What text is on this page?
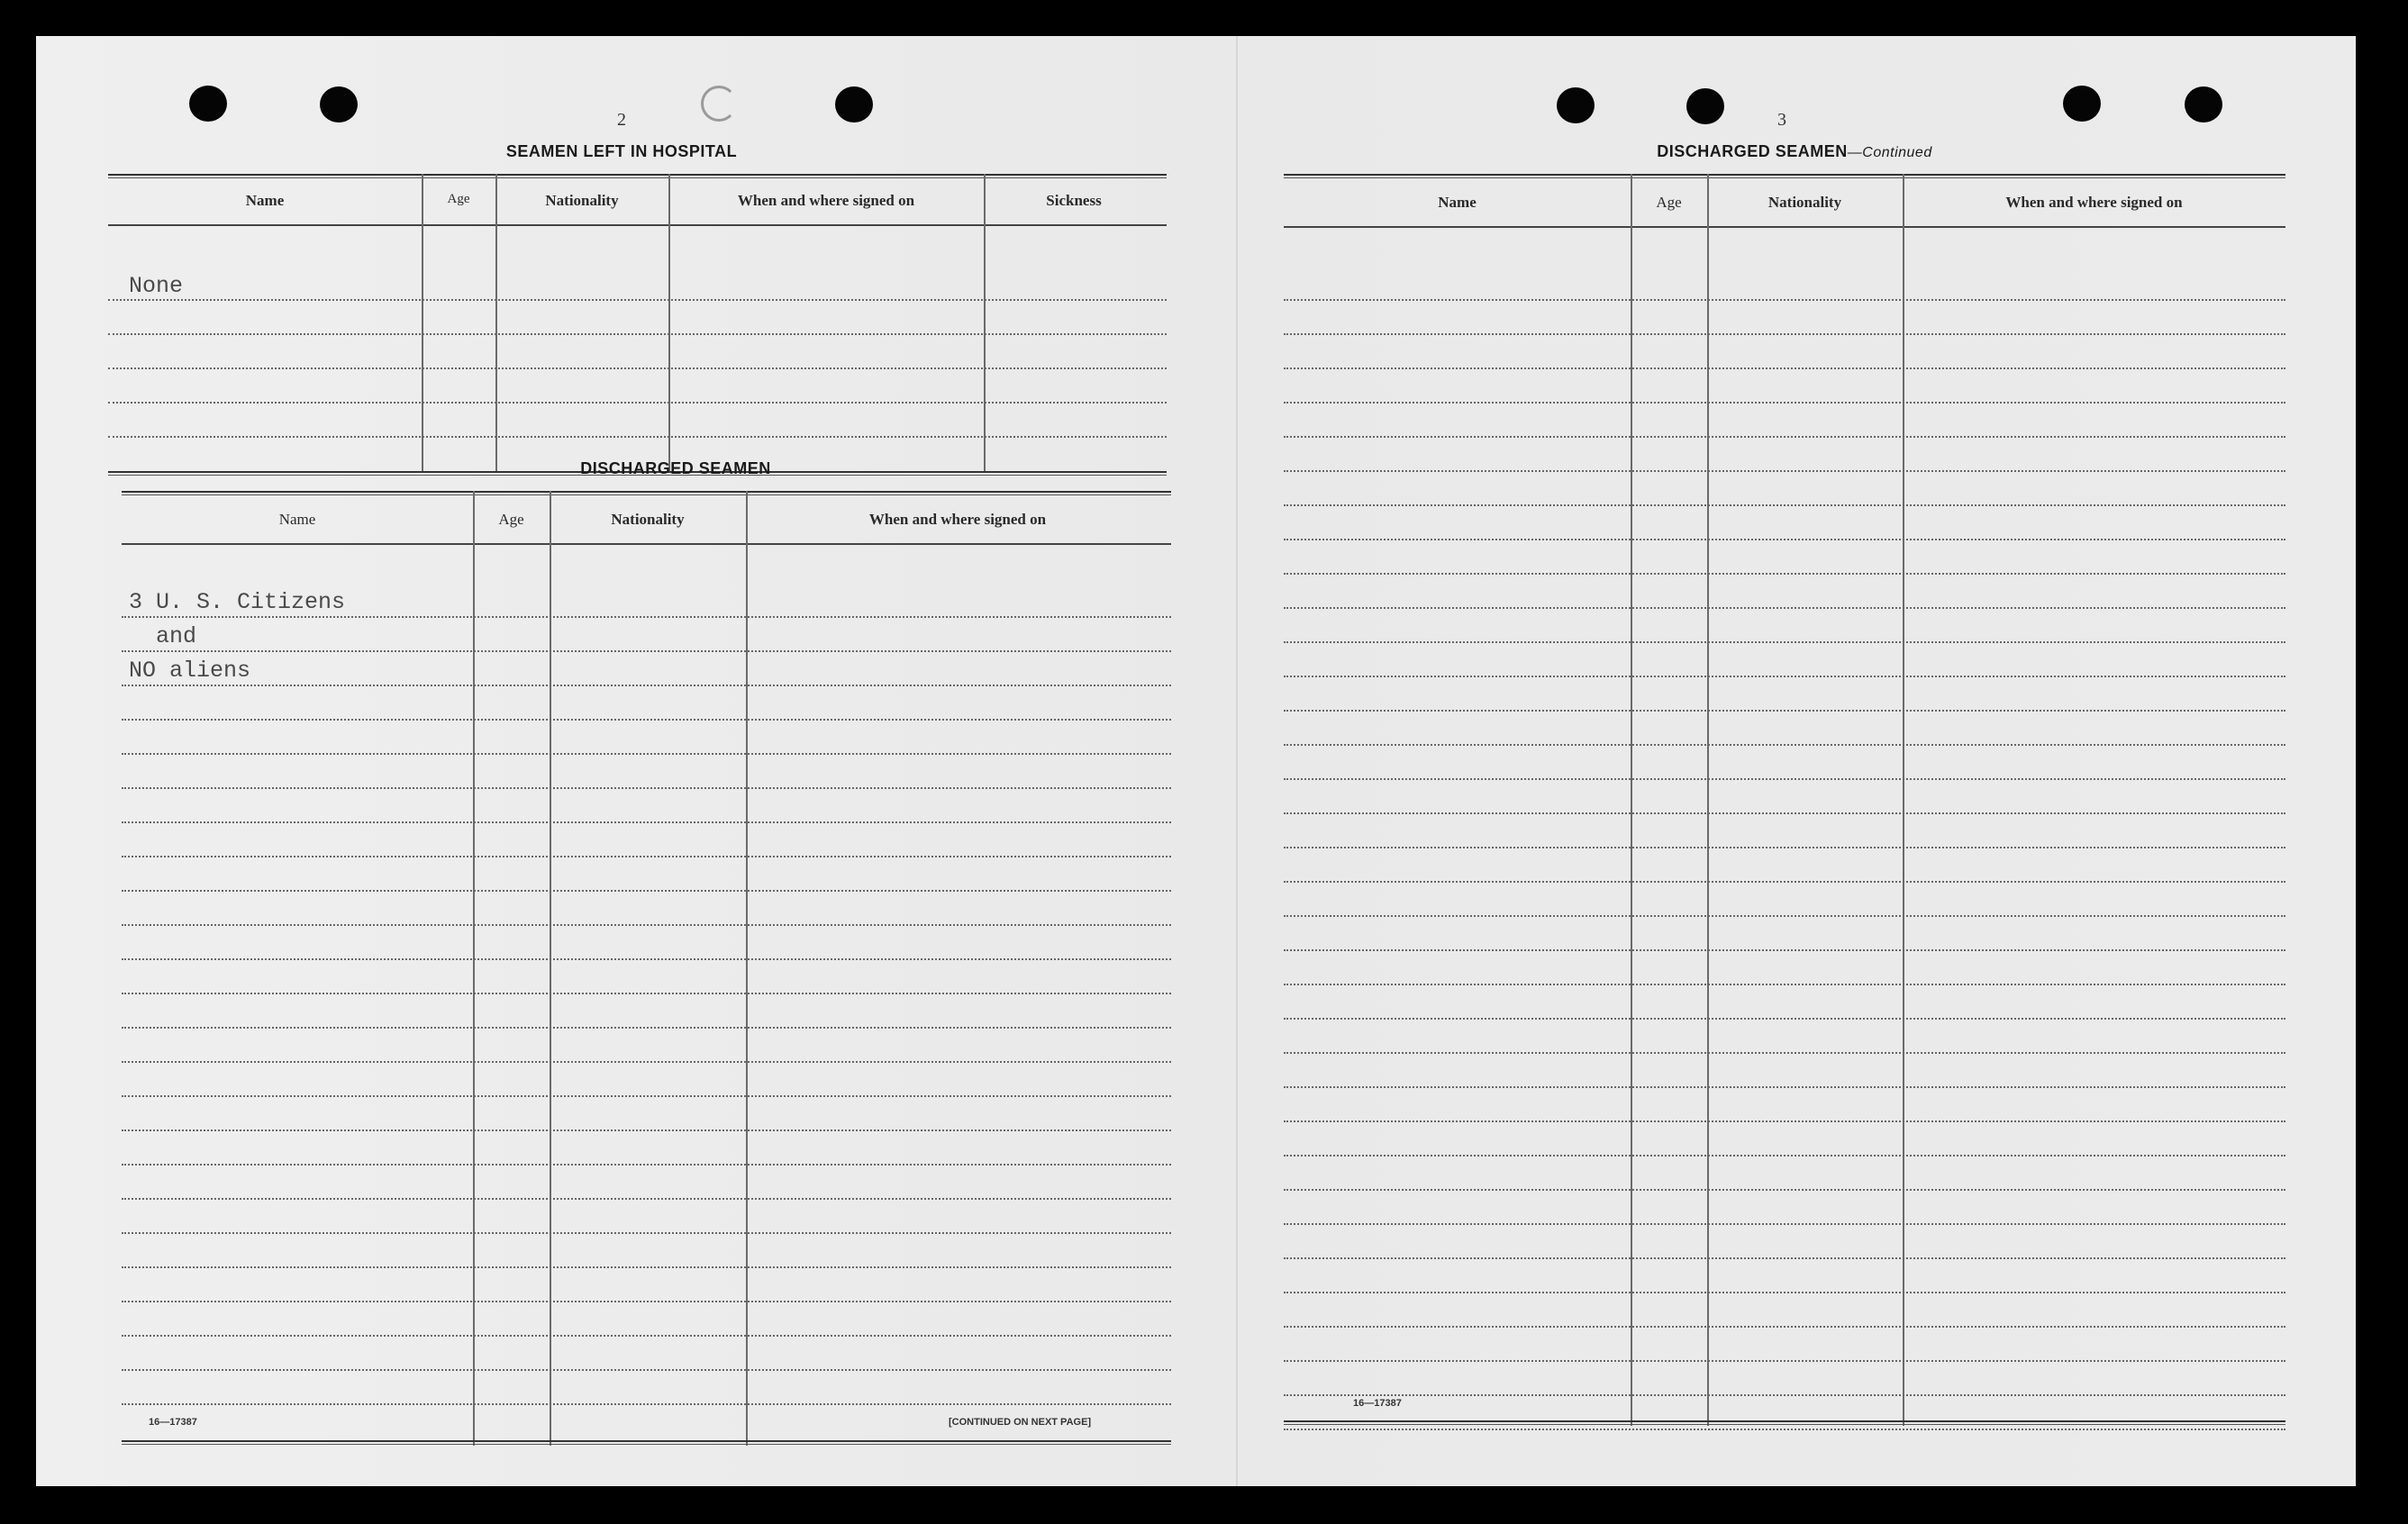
2
SEAMEN LEFT IN HOSPITAL
Name	Age	Nationality	When and where signed on	Sickness
None
DISCHARGED SEAMEN
Name	Age	Nationality	When and where signed on
3 U. S. Citizens
and
NO aliens
16—17387	[CONTINUED ON NEXT PAGE]
3
DISCHARGED SEAMEN—Continued
Name	Age	Nationality	When and where signed on
16—17387
